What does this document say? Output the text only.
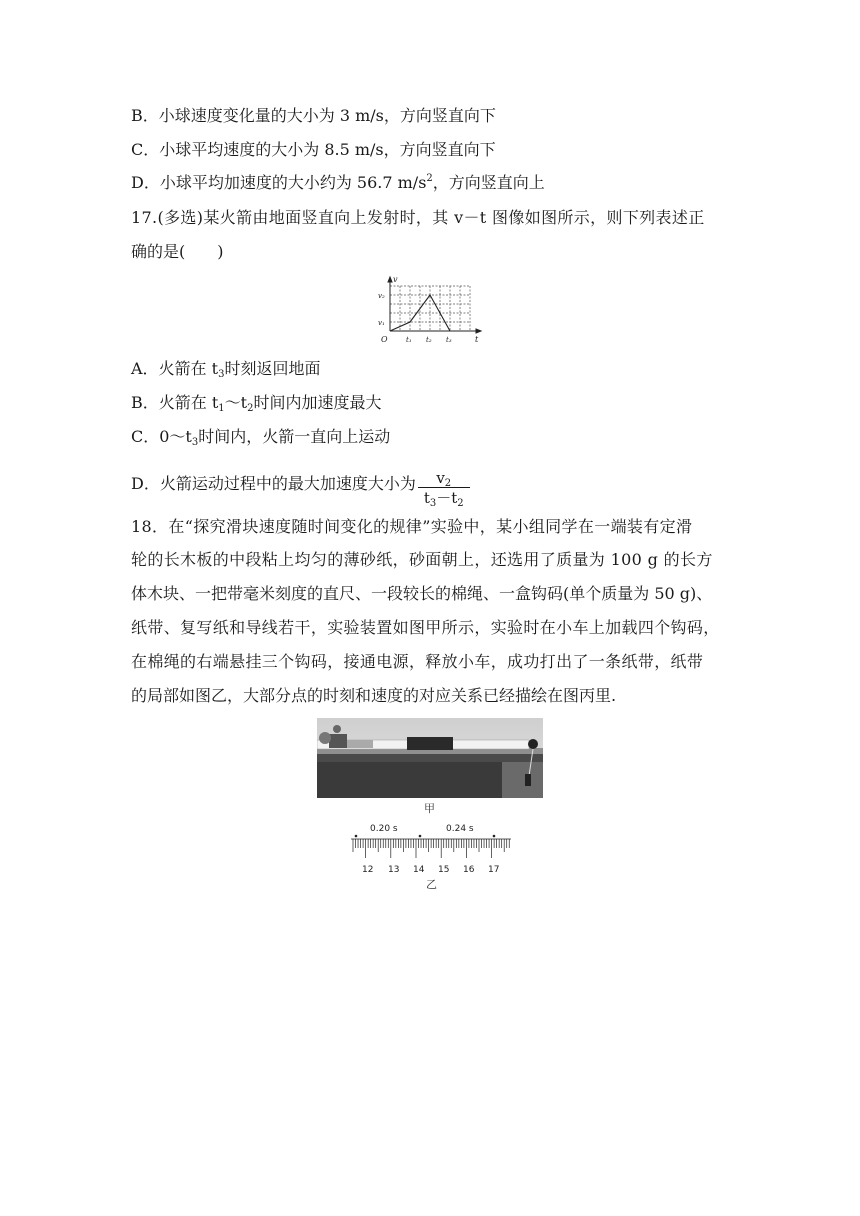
B．小球速度变化量的大小为 3 m/s，方向竖直向下
C．小球平均速度的大小为 8.5 m/s，方向竖直向下
D．小球平均加速度的大小约为 56.7 $m/s^2$，方向竖直向上
17.(多选)某火箭由地面竖直向上发射时，其 v－t 图像如图所示，则下列表述正
确的是(　　)
v
t
O
v₂
v₁
t₁ t₂ t₃
A．火箭在 $t_3$时刻返回地面
B．火箭在 $t_1\sim t_2$时间内加速度最大
C．$0\sim t_3$时间内，火箭一直向上运动
D．火箭运动过程中的最大加速度大小为 $\frac{v_2}{t_3-t_2}$
18．在“探究滑块速度随时间变化的规律”实验中，某小组同学在一端装有定滑
轮的长木板的中段粘上均匀的薄砂纸，砂面朝上，还选用了质量为 100 g 的长方
体木块、一把带毫米刻度的直尺、一段较长的棉绳、一盒钩码(单个质量为 50 g)、
纸带、复写纸和导线若干，实验装置如图甲所示，实验时在小车上加载四个钩码，
在棉绳的右端悬挂三个钩码，接通电源，释放小车，成功打出了一条纸带，纸带
的局部如图乙，大部分点的时刻和速度的对应关系已经描绘在图丙里.
甲
0.20 s	0.24 s
12 13 14 15 16 17
乙
